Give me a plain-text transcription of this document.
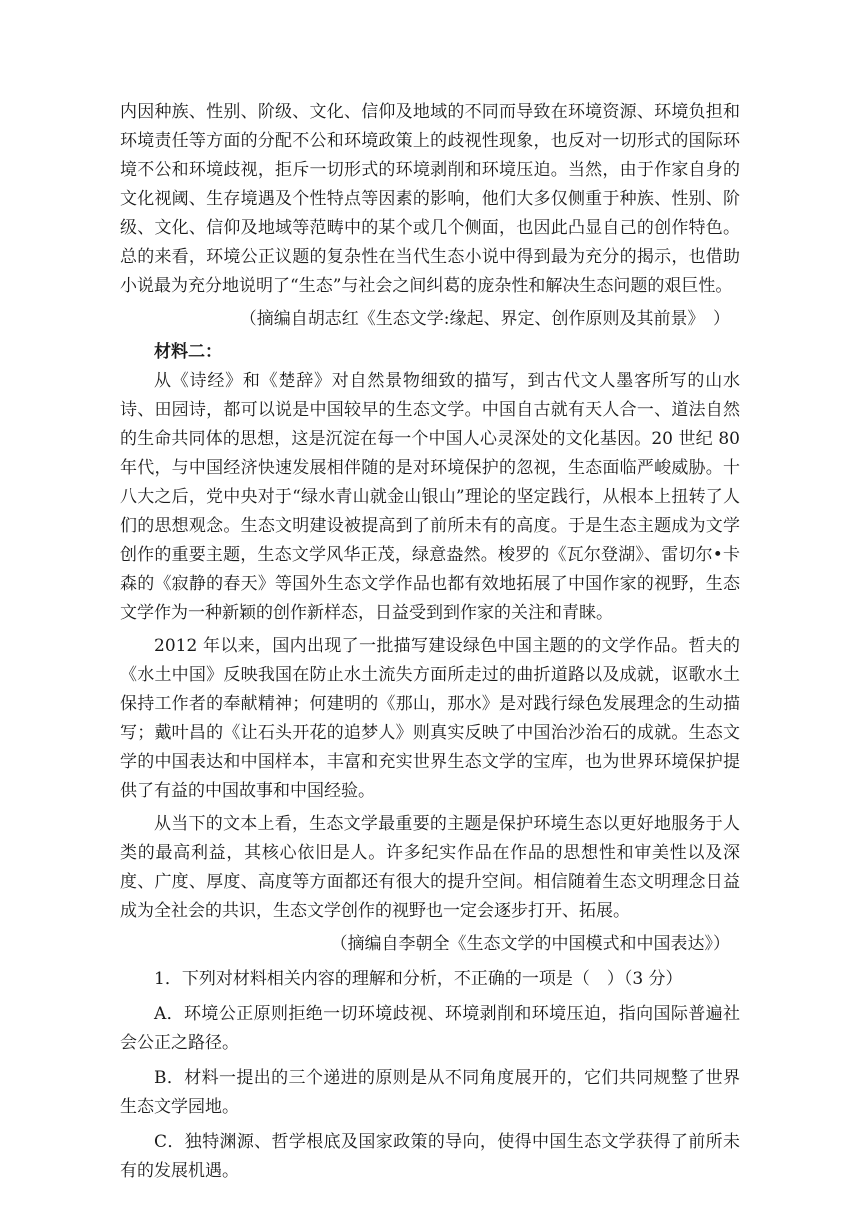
内因种族、性别、阶级、文化、信仰及地域的不同而导致在环境资源、环境负担和环境责任等方面的分配不公和环境政策上的歧视性现象，也反对一切形式的国际环境不公和环境歧视，拒斥一切形式的环境剥削和环境压迫。当然，由于作家自身的文化视阈、生存境遇及个性特点等因素的影响，他们大多仅侧重于种族、性别、阶级、文化、信仰及地域等范畴中的某个或几个侧面，也因此凸显自己的创作特色。总的来看，环境公正议题的复杂性在当代生态小说中得到最为充分的揭示，也借助小说最为充分地说明了“生态”与社会之间纠葛的庞杂性和解决生态问题的艰巨性。

（摘编自胡志红《生态文学:缘起、界定、创作原则及其前景》　）

材料二：

从《诗经》和《楚辞》对自然景物细致的描写，到古代文人墨客所写的山水诗、田园诗，都可以说是中国较早的生态文学。中国自古就有天人合一、道法自然的生命共同体的思想，这是沉淀在每一个中国人心灵深处的文化基因。20 世纪 80 年代，与中国经济快速发展相伴随的是对环境保护的忽视，生态面临严峻威胁。十八大之后，党中央对于“绿水青山就金山银山”理论的坚定践行，从根本上扭转了人们的思想观念。生态文明建设被提高到了前所未有的高度。于是生态主题成为文学创作的重要主题，生态文学风华正茂，绿意盎然。梭罗的《瓦尔登湖》、雷切尔•卡森的《寂静的春天》等国外生态文学作品也都有效地拓展了中国作家的视野，生态文学作为一种新颖的创作新样态，日益受到到作家的关注和青睐。

2012 年以来，国内出现了一批描写建设绿色中国主题的的文学作品。哲夫的《水土中国》反映我国在防止水土流失方面所走过的曲折道路以及成就，讴歌水土保持工作者的奉献精神；何建明的《那山，那水》是对践行绿色发展理念的生动描写；戴叶昌的《让石头开花的追梦人》则真实反映了中国治沙治石的成就。生态文学的中国表达和中国样本，丰富和充实世界生态文学的宝库，也为世界环境保护提供了有益的中国故事和中国经验。

从当下的文本上看，生态文学最重要的主题是保护环境生态以更好地服务于人类的最高利益，其核心依旧是人。许多纪实作品在作品的思想性和审美性以及深度、广度、厚度、高度等方面都还有很大的提升空间。相信随着生态文明理念日益成为全社会的共识，生态文学创作的视野也一定会逐步打开、拓展。

（摘编自李朝全《生态文学的中国模式和中国表达》）

1．下列对材料相关内容的理解和分析，不正确的一项是（　）（3 分）

A．环境公正原则拒绝一切环境歧视、环境剥削和环境压迫，指向国际普遍社会公正之路径。

B．材料一提出的三个递进的原则是从不同角度展开的，它们共同规整了世界生态文学园地。

C．独特渊源、哲学根底及国家政策的导向，使得中国生态文学获得了前所未有的发展机遇。
